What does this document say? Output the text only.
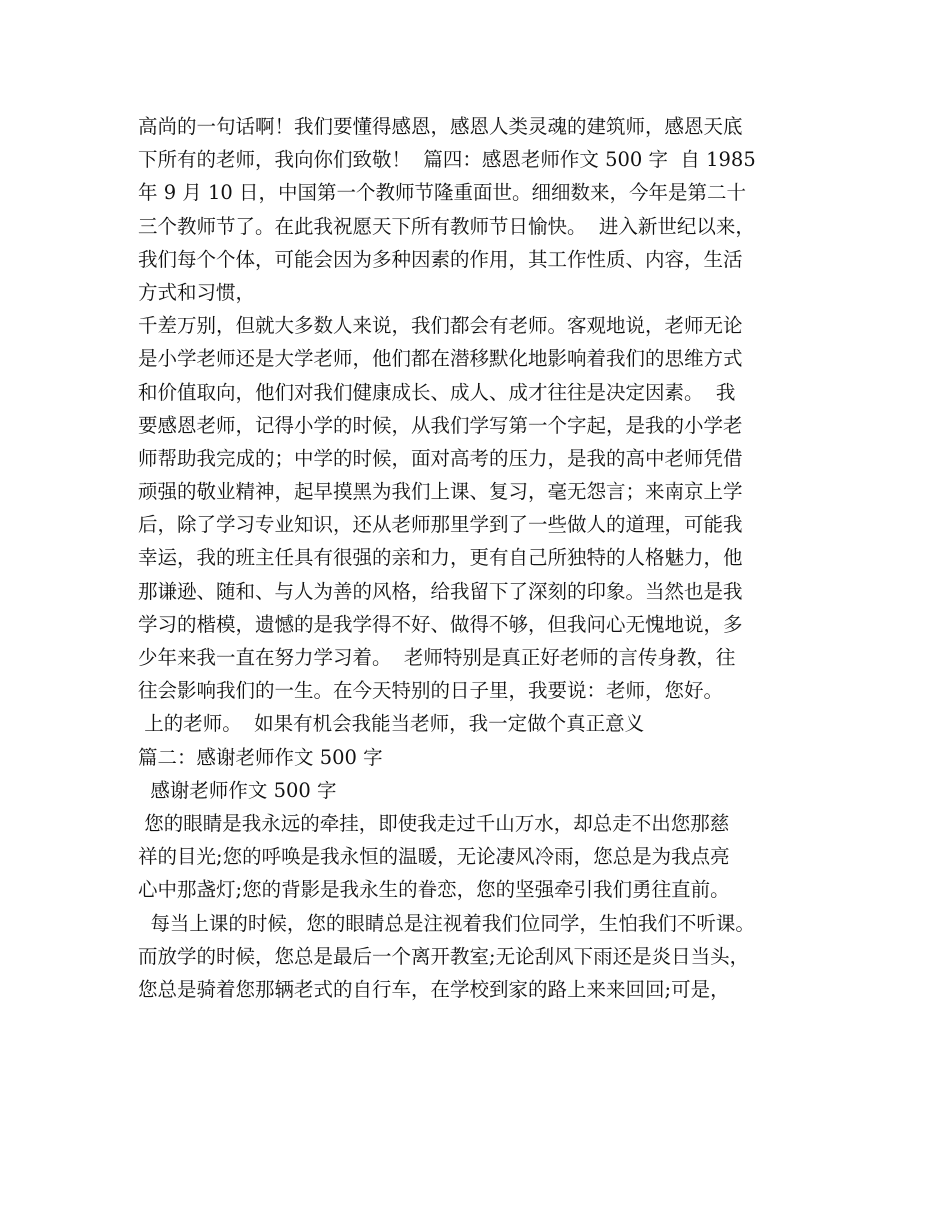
高尚的一句话啊！我们要懂得感恩，感恩人类灵魂的建筑师，感恩天底
下所有的老师，我向你们致敬！  篇四：感恩老师作文 500 字  自 1985
年 9 月 10 日，中国第一个教师节隆重面世。细细数来，今年是第二十
三个教师节了。在此我祝愿天下所有教师节日愉快。  进入新世纪以来，
我们每个个体，可能会因为多种因素的作用，其工作性质、内容，生活
方式和习惯，
千差万别，但就大多数人来说，我们都会有老师。客观地说，老师无论
是小学老师还是大学老师，他们都在潜移默化地影响着我们的思维方式
和价值取向，他们对我们健康成长、成人、成才往往是决定因素。  我
要感恩老师，记得小学的时候，从我们学写第一个字起，是我的小学老
师帮助我完成的；中学的时候，面对高考的压力，是我的高中老师凭借
顽强的敬业精神，起早摸黑为我们上课、复习，毫无怨言；来南京上学
后，除了学习专业知识，还从老师那里学到了一些做人的道理，可能我
幸运，我的班主任具有很强的亲和力，更有自己所独特的人格魅力，他
那谦逊、随和、与人为善的风格，给我留下了深刻的印象。当然也是我
学习的楷模，遗憾的是我学得不好、做得不够，但我问心无愧地说，多
少年来我一直在努力学习着。  老师特别是真正好老师的言传身教，往
往会影响我们的一生。在今天特别的日子里，我要说：老师，您好。
上的老师。  如果有机会我能当老师，我一定做个真正意义
篇二：感谢老师作文 500 字
感谢老师作文 500 字
您的眼睛是我永远的牵挂，即使我走过千山万水，却总走不出您那慈
祥的目光;您的呼唤是我永恒的温暖，无论凄风冷雨，您总是为我点亮
心中那盏灯;您的背影是我永生的眷恋，您的坚强牵引我们勇往直前。
每当上课的时候，您的眼睛总是注视着我们位同学，生怕我们不听课。
而放学的时候，您总是最后一个离开教室;无论刮风下雨还是炎日当头，
您总是骑着您那辆老式的自行车，在学校到家的路上来来回回;可是，
